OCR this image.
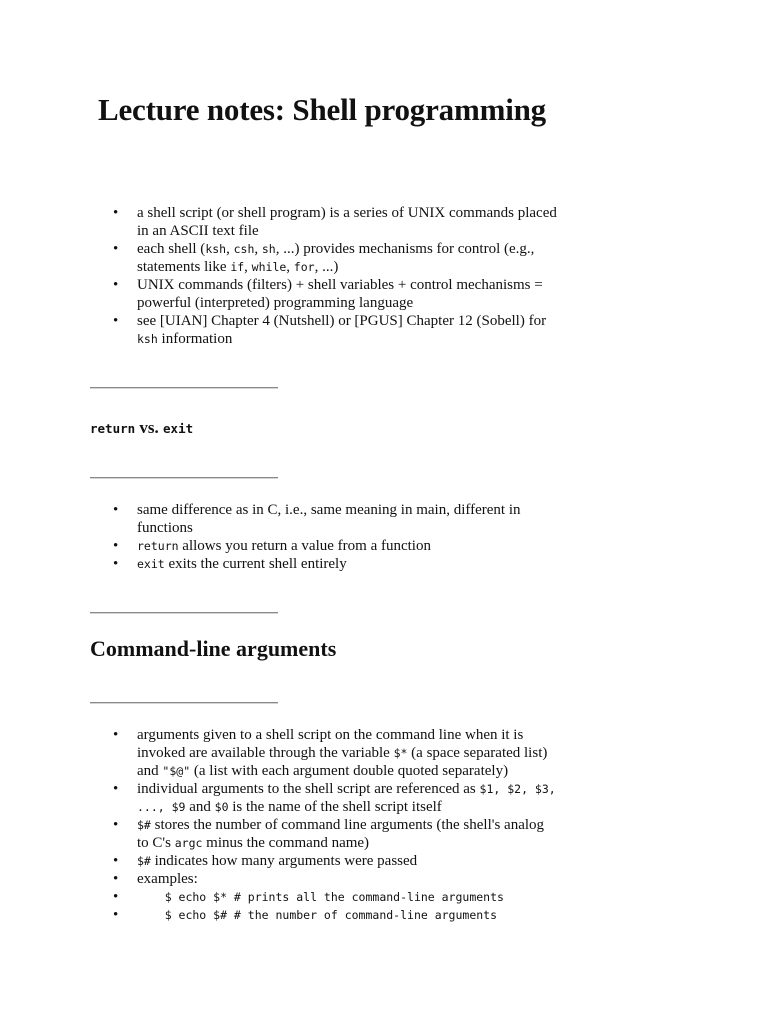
Lecture notes: Shell programming
• a shell script (or shell program) is a series of UNIX commands placed in an ASCII text file
• each shell (ksh, csh, sh, ...) provides mechanisms for control (e.g., statements like if, while, for, ...)
• UNIX commands (filters) + shell variables + control mechanisms = powerful (interpreted) programming language
• see [UIAN] Chapter 4 (Nutshell) or [PGUS] Chapter 12 (Sobell) for ksh information
return vs. exit
• same difference as in C, i.e., same meaning in main, different in functions
• return allows you return a value from a function
• exit exits the current shell entirely
Command-line arguments
• arguments given to a shell script on the command line when it is invoked are available through the variable $* (a space separated list) and "$@" (a list with each argument double quoted separately)
• individual arguments to the shell script are referenced as $1, $2, $3, ..., $9 and $0 is the name of the shell script itself
• $# stores the number of command line arguments (the shell's analog to C's argc minus the command name)
• $# indicates how many arguments were passed
• examples:
•     $ echo $* # prints all the command-line arguments
•     $ echo $# # the number of command-line arguments
